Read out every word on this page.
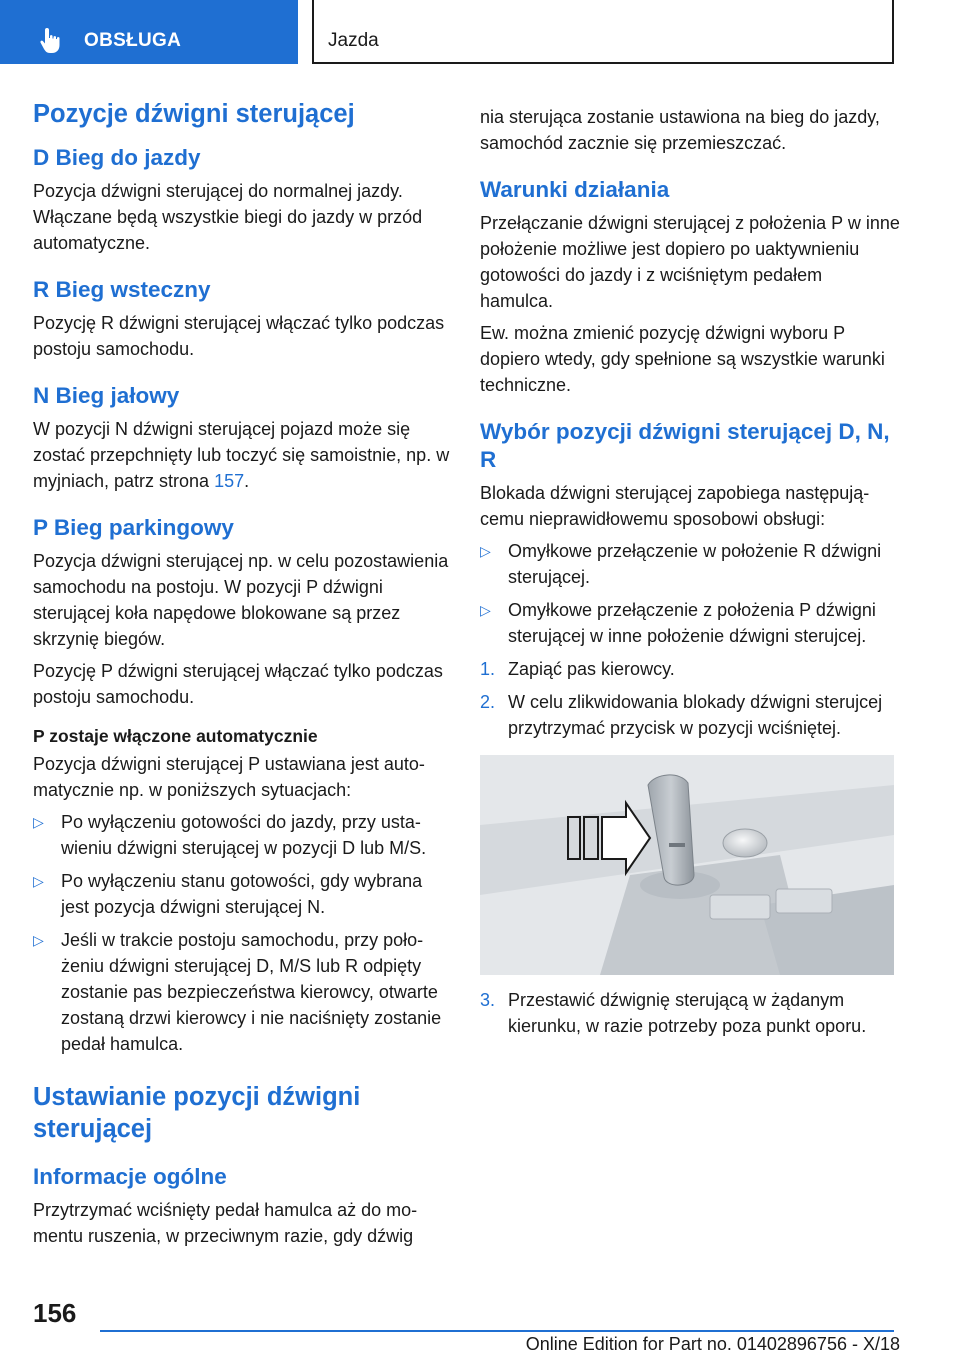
OBSŁUGA	Jazda
Pozycje dźwigni sterującej
D Bieg do jazdy

Pozycja dźwigni sterującej do normalnej jazdy. Włączane będą wszystkie biegi do jazdy w przód automatyczne.

R Bieg wsteczny

Pozycję R dźwigni sterującej włączać tylko podczas postoju samochodu.

N Bieg jałowy

W pozycji N dźwigni sterującej pojazd może się zostać przepchnięty lub toczyć się samoistnie, np. w myjniach, patrz strona 157.

P Bieg parkingowy

Pozycja dźwigni sterującej np. w celu pozostawienia samochodu na postoju. W pozycji P dźwigni sterującej koła napędowe blokowane są przez skrzynię biegów.

Pozycję P dźwigni sterującej włączać tylko podczas postoju samochodu.

P zostaje włączone automatycznie

Pozycja dźwigni sterującej P ustawiana jest automatycznie np. w poniższych sytuacjach:

▷ Po wyłączeniu gotowości do jazdy, przy ustawieniu dźwigni sterującej w pozycji D lub M/S.
▷ Po wyłączeniu stanu gotowości, gdy wybrana jest pozycja dźwigni sterującej N.
▷ Jeśli w trakcie postoju samochodu, przy położeniu dźwigni sterującej D, M/S lub R odpięty zostanie pas bezpieczeństwa kierowcy, otwarte zostaną drzwi kierowcy i nie naciśnięty zostanie pedał hamulca.
Ustawianie pozycji dźwigni sterującej
Informacje ogólne

Przytrzymać wciśnięty pedał hamulca aż do momentu ruszenia, w przeciwnym razie, gdy dźwig

nia sterująca zostanie ustawiona na bieg do jazdy, samochód zacznie się przemieszczać.

Warunki działania

Przełączanie dźwigni sterującej z położenia P w inne położenie możliwe jest dopiero po uaktywnieniu gotowości do jazdy i z wciśniętym pedałem hamulca.

Ew. można zmienić pozycję dźwigni wyboru P dopiero wtedy, gdy spełnione są wszystkie warunki techniczne.

Wybór pozycji dźwigni sterującej D, N, R

Blokada dźwigni sterującej zapobiega następującemu nieprawidłowemu sposobowi obsługi:

▷ Omyłkowe przełączenie w położenie R dźwigni sterującej.
▷ Omyłkowe przełączenie z położenia P dźwigni sterującej w inne położenie dźwigni sterujcej.
1. Zapiąć pas kierowcy.
2. W celu zlikwidowania blokady dźwigni sterujcej przytrzymać przycisk w pozycji wciśniętej.
3. Przestawić dźwignię sterującą w żądanym kierunku, w razie potrzeby poza punkt oporu.
156
Online Edition for Part no. 01402896756 - X/18
